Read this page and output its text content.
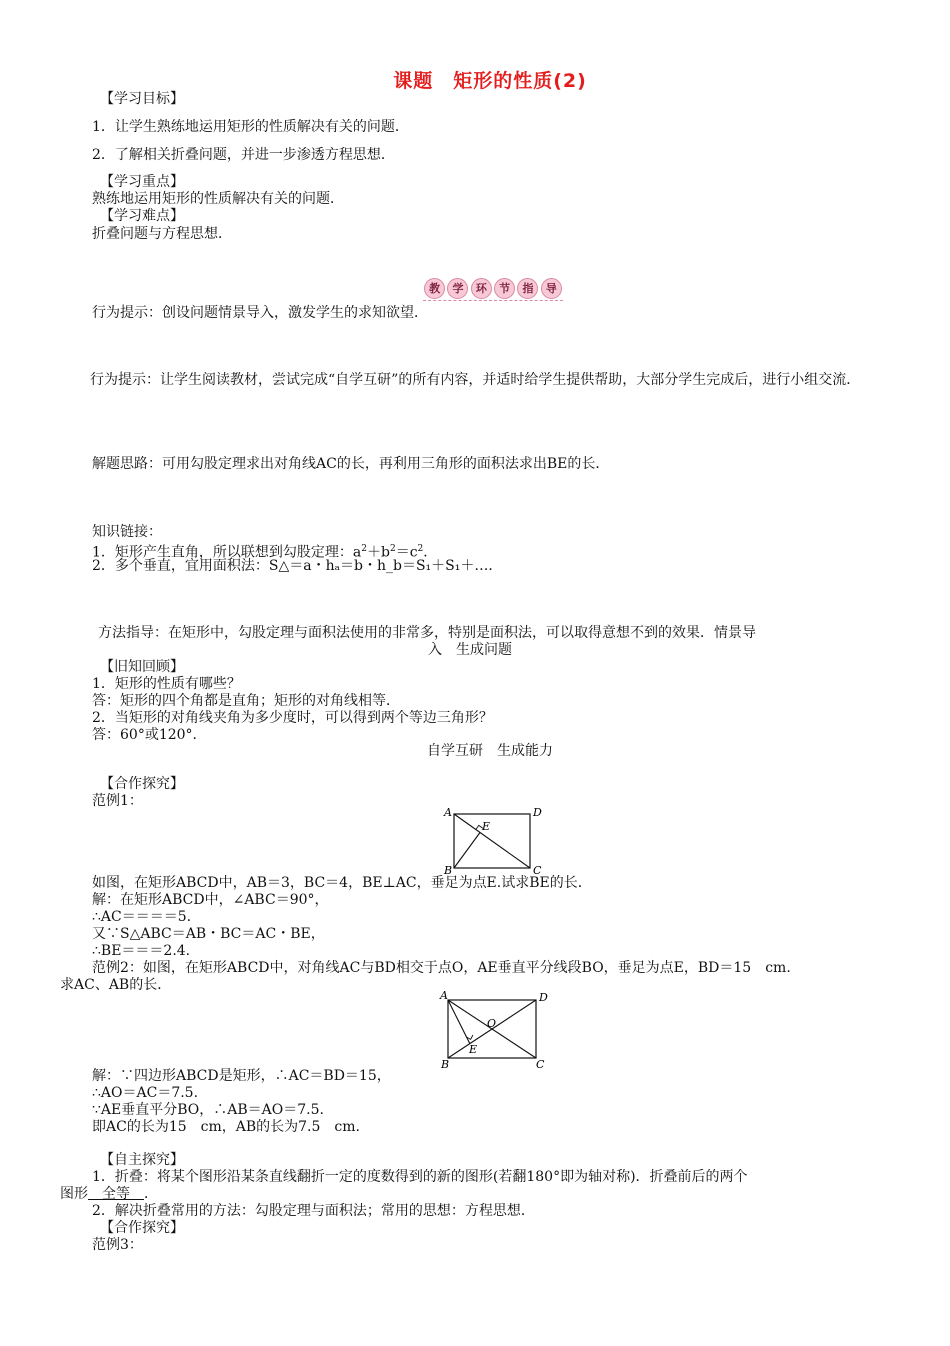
课题　矩形的性质(2)
【学习目标】
1．让学生熟练地运用矩形的性质解决有关的问题．
2．了解相关折叠问题，并进一步渗透方程思想．
【学习重点】
熟练地运用矩形的性质解决有关的问题．
【学习难点】
折叠问题与方程思想．
教	学	环	节	指	导
行为提示：创设问题情景导入，激发学生的求知欲望．
行为提示：让学生阅读教材，尝试完成“自学互研”的所有内容，并适时给学生提供帮助，大部分学生完成后，进行小组交流．
解题思路：可用勾股定理求出对角线AC的长，再利用三角形的面积法求出BE的长．
知识链接：
1．矩形产生直角，所以联想到勾股定理：$a^2+b^2=c^2$．
2．多个垂直，宜用面积法：S△＝a・hₐ＝b・h_b＝S₁＋S₁＋…．
方法指导：在矩形中，勾股定理与面积法使用的非常多，特别是面积法，可以取得意想不到的效果．情景导
入　生成问题
【旧知回顾】
1．矩形的性质有哪些？
答：矩形的四个角都是直角；矩形的对角线相等．
2．当矩形的对角线夹角为多少度时，可以得到两个等边三角形？
答：60°或120°．
自学互研　生成能力
【合作探究】
范例1：
A	D
B	C
E
如图，在矩形ABCD中，AB＝3，BC＝4，BE⊥AC，垂足为点E.试求BE的长．
解：在矩形ABCD中，∠ABC＝90°，
∴AC＝＝＝＝5.
又∵S△ABC＝AB・BC＝AC・BE，
∴BE＝＝＝2.4.
范例2：如图，在矩形ABCD中，对角线AC与BD相交于点O，AE垂直平分线段BO，垂足为点E，BD＝15　cm.
求AC、AB的长．
A	D
B	C
O
E
解：∵四边形ABCD是矩形，∴AC＝BD＝15，
∴AO＝AC＝7.5.
∵AE垂直平分BO，∴AB＝AO＝7.5.
即AC的长为15　cm，AB的长为7.5　cm.
【自主探究】
1．折叠：将某个图形沿某条直线翻折一定的度数得到的新的图形(若翻180°即为轴对称)．折叠前后的两个
图形　全等　．
2．解决折叠常用的方法：勾股定理与面积法；常用的思想：方程思想．
【合作探究】
范例3：
